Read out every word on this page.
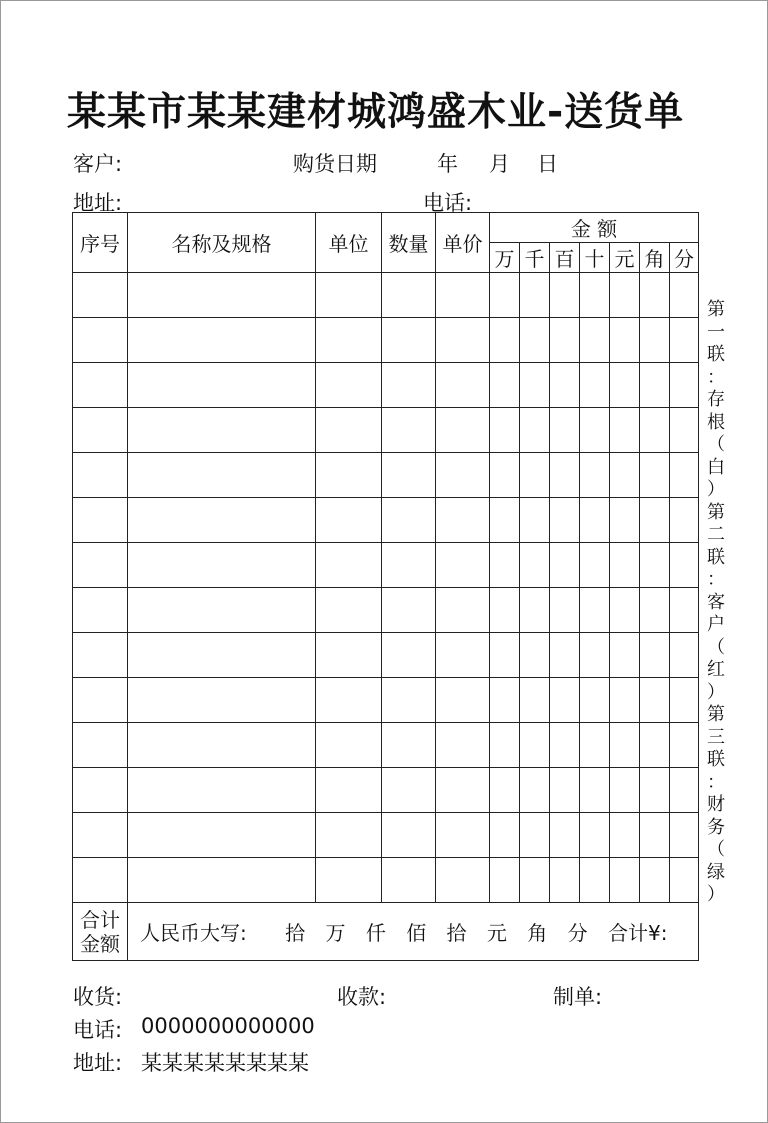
某某市某某建材城鸿盛木业-送货单
客户:	购货日期	年 月 日
地址:	电话:
序号	名称及规格	单位	数量	单价	金 额						
					万	千	百	十	元	角	分

合计
金额	人民币大写: 拾 万 仟 佰 拾 元 角 分 合计¥:										
第
一
联
：
存
根
（
白
）
第
二
联
：
客
户
（
红
）
第
三
联
：
财
务
（
绿
）
收货:	收款:	制单:
电话: 0000000000000
地址: 某某某某某某某某
